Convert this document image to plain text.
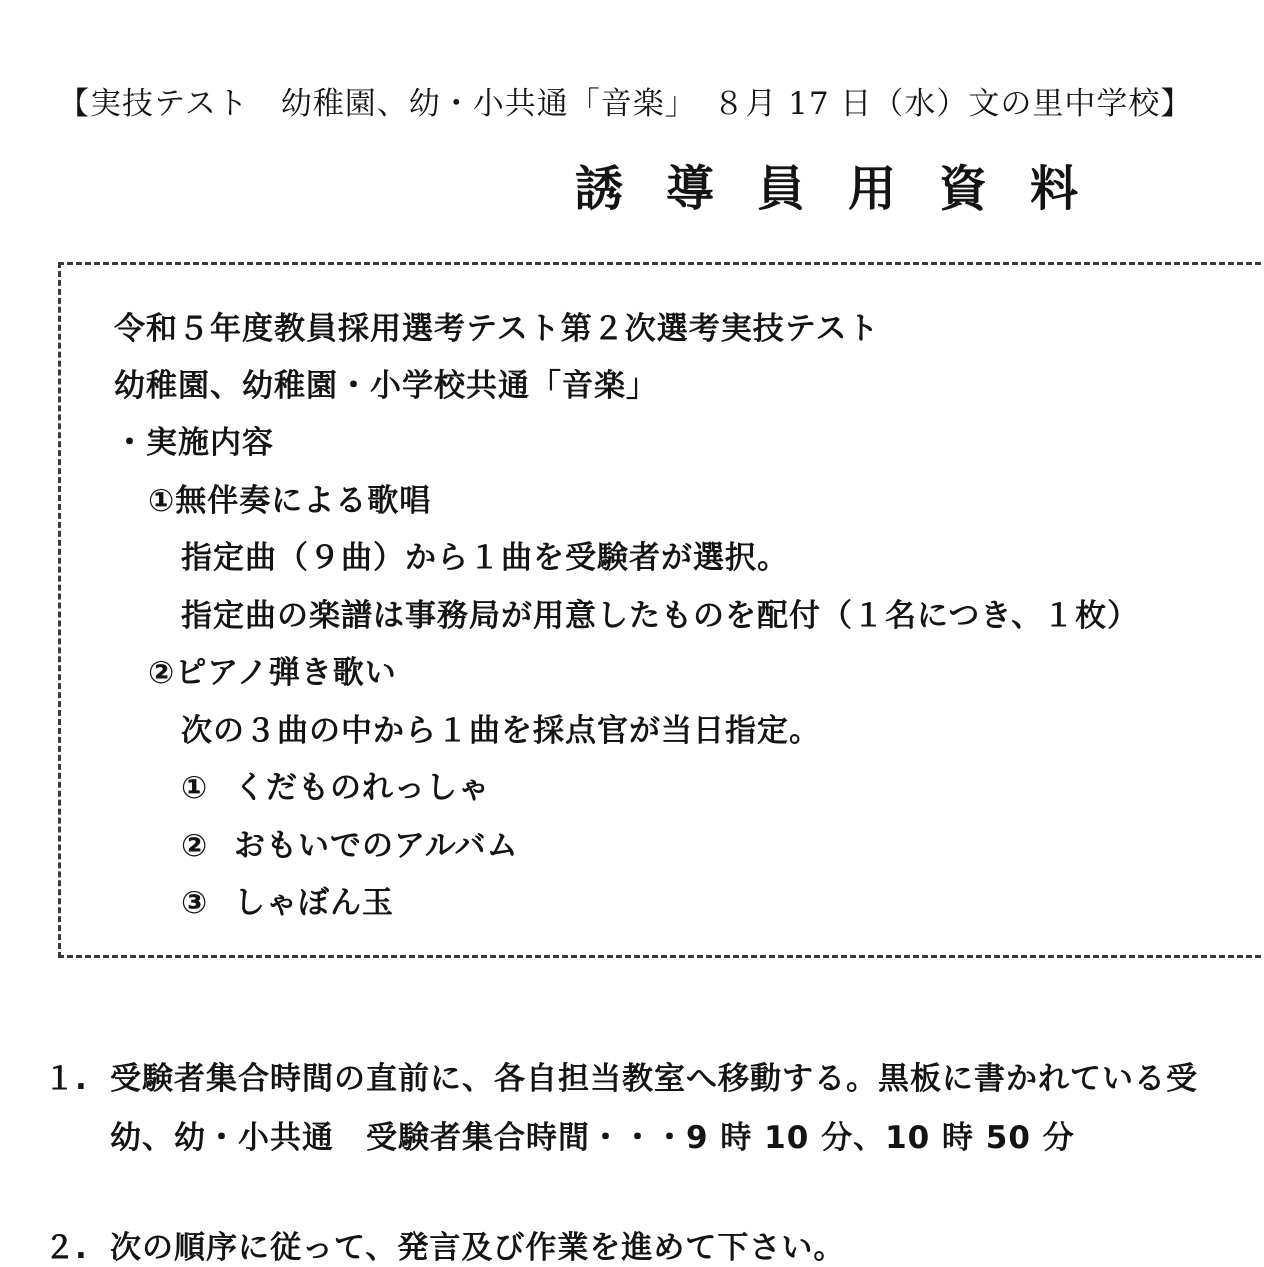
【実技テスト　幼稚園、幼・小共通「音楽」　８月 17 日（水）文の里中学校】
誘導員用資料
令和５年度教員採用選考テスト第２次選考実技テスト
幼稚園、幼稚園・小学校共通「音楽」
・実施内容
①無伴奏による歌唱
指定曲（９曲）から１曲を受験者が選択。
指定曲の楽譜は事務局が用意したものを配付（１名につき、１枚）
②ピアノ弾き歌い
次の３曲の中から１曲を採点官が当日指定。
① くだものれっしゃ
② おもいでのアルバム
③ しゃぼん玉
１. 受験者集合時間の直前に、各自担当教室へ移動する。黒板に書かれている受
幼、幼・小共通　受験者集合時間・・・9 時 10 分、10 時 50 分
２. 次の順序に従って、発言及び作業を進めて下さい。
